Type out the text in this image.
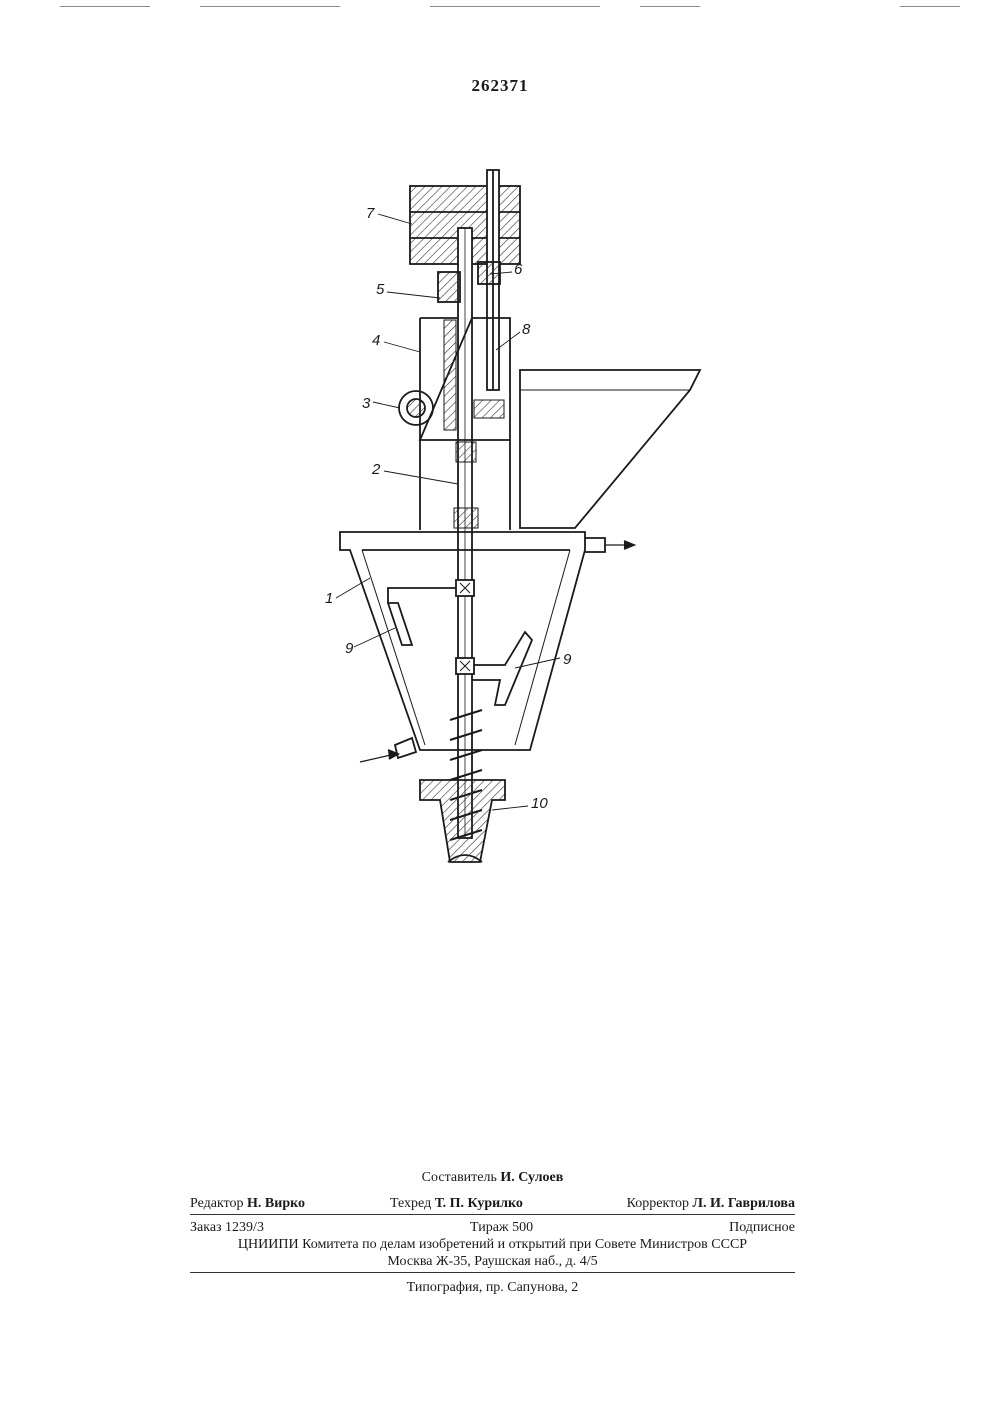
262371
7
5
4
3
2
6
8
1
9
9
10
Составитель И. Сулоев
Редактор Н. Вирко	Техред Т. П. Курилко	Корректор Л. И. Гаврилова
Заказ 1239/3	Тираж 500	Подписное
ЦНИИПИ Комитета по делам изобретений и открытий при Совете Министров СССР
Москва Ж-35, Раушская наб., д. 4/5
Типография, пр. Сапунова, 2
